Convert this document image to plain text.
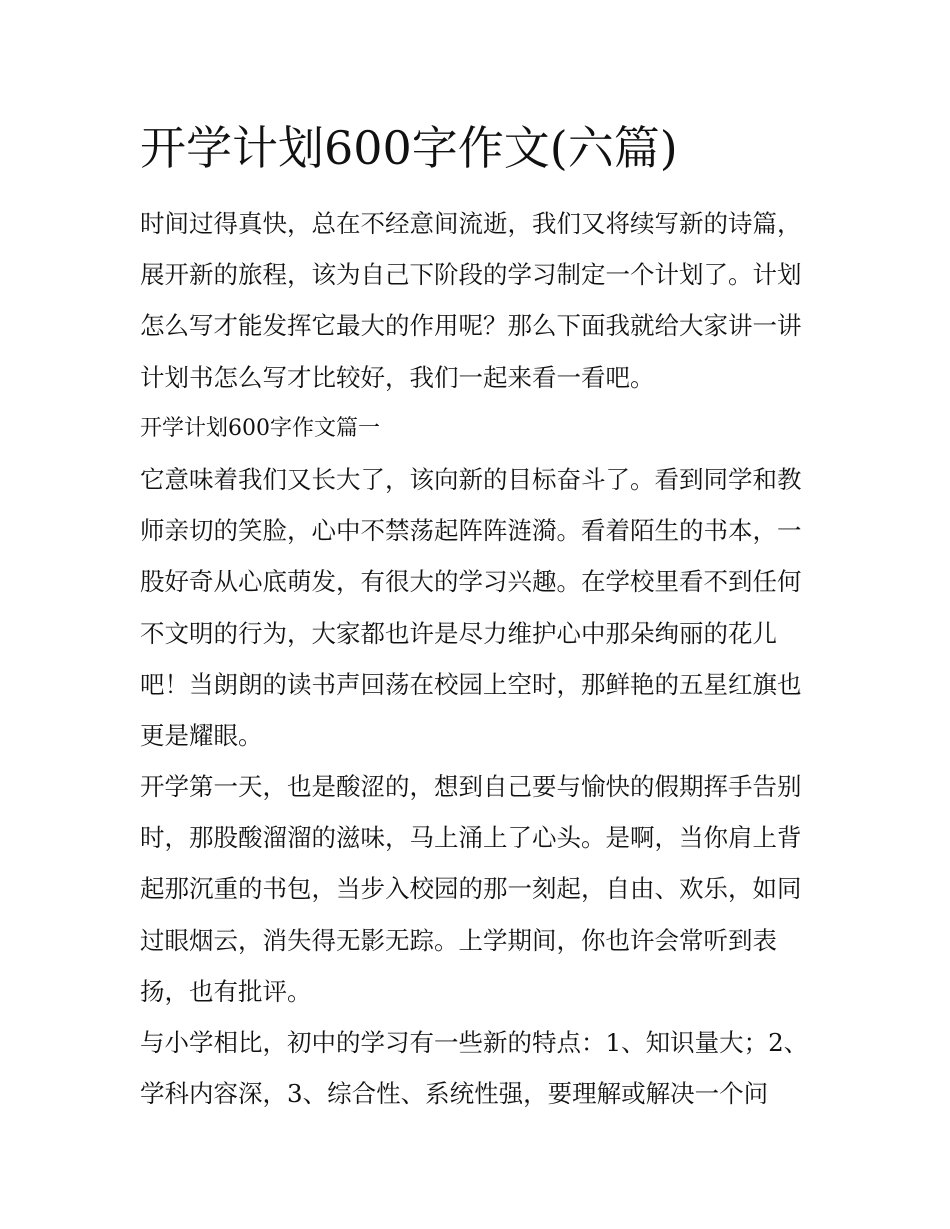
开学计划600字作文(六篇)
时间过得真快，总在不经意间流逝，我们又将续写新的诗篇，
展开新的旅程，该为自己下阶段的学习制定一个计划了。计划
怎么写才能发挥它最大的作用呢？那么下面我就给大家讲一讲
计划书怎么写才比较好，我们一起来看一看吧。
开学计划600字作文篇一
它意味着我们又长大了，该向新的目标奋斗了。看到同学和教
师亲切的笑脸，心中不禁荡起阵阵涟漪。看着陌生的书本，一
股好奇从心底萌发，有很大的学习兴趣。在学校里看不到任何
不文明的行为，大家都也许是尽力维护心中那朵绚丽的花儿
吧！当朗朗的读书声回荡在校园上空时，那鲜艳的五星红旗也
更是耀眼。
开学第一天，也是酸涩的，想到自己要与愉快的假期挥手告别
时，那股酸溜溜的滋味，马上涌上了心头。是啊，当你肩上背
起那沉重的书包，当步入校园的那一刻起，自由、欢乐，如同
过眼烟云，消失得无影无踪。上学期间，你也许会常听到表
扬，也有批评。
与小学相比，初中的学习有一些新的特点：1、知识量大；2、
学科内容深，3、综合性、系统性强，要理解或解决一个问
